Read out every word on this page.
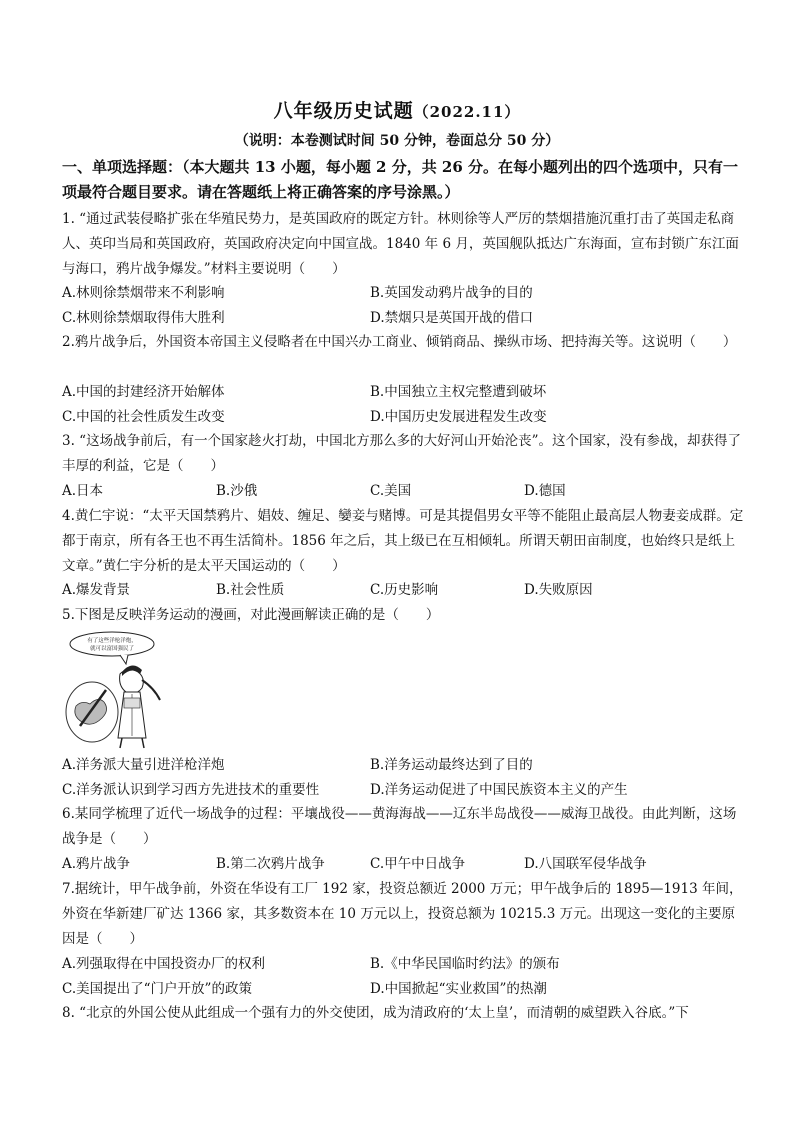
八年级历史试题（2022.11）
（说明：本卷测试时间 50 分钟，卷面总分 50 分）
一、单项选择题：（本大题共 13 小题，每小题 2 分，共 26 分。在每小题列出的四个选项中，只有一项最符合题目要求。请在答题纸上将正确答案的序号涂黑。）
1. “通过武装侵略扩张在华殖民势力，是英国政府的既定方针。林则徐等人严厉的禁烟措施沉重打击了英国走私商人、英印当局和英国政府，英国政府决定向中国宣战。1840 年 6 月，英国舰队抵达广东海面，宣布封锁广东江面与海口，鸦片战争爆发。”材料主要说明（　　）
A.林则徐禁烟带来不利影响	B.英国发动鸦片战争的目的
C.林则徐禁烟取得伟大胜利	D.禁烟只是英国开战的借口
2.鸦片战争后，外国资本帝国主义侵略者在中国兴办工商业、倾销商品、操纵市场、把持海关等。这说明（　　）
A.中国的封建经济开始解体	B.中国独立主权完整遭到破坏
C.中国的社会性质发生改变	D.中国历史发展进程发生改变
3. “这场战争前后，有一个国家趁火打劫，中国北方那么多的大好河山开始沦丧”。这个国家，没有参战，却获得了丰厚的利益，它是（　　）
A.日本	B.沙俄	C.美国	D.德国
4.黄仁宇说：“太平天国禁鸦片、娼妓、缠足、孌妾与赌博。可是其提倡男女平等不能阻止最高层人物妻妾成群。定都于南京，所有各王也不再生活简朴。1856 年之后，其上级已在互相倾轧。所谓天朝田亩制度，也始终只是纸上文章。”黄仁宇分析的是太平天国运动的（　　）
A.爆发背景	B.社会性质	C.历史影响	D.失败原因
5.下图是反映洋务运动的漫画，对此漫画解读正确的是（　　）
有了这些洋枪洋炮，
就可以富国强民了
A.洋务派大量引进洋枪洋炮	B.洋务运动最终达到了目的
C.洋务派认识到学习西方先进技术的重要性	D.洋务运动促进了中国民族资本主义的产生
6.某同学梳理了近代一场战争的过程：平壤战役——黄海海战——辽东半岛战役——威海卫战役。由此判断，这场战争是（　　）
A.鸦片战争	B.第二次鸦片战争	C.甲午中日战争	D.八国联军侵华战争
7.据统计，甲午战争前，外资在华设有工厂 192 家，投资总额近 2000 万元；甲午战争后的 1895—1913 年间，外资在华新建厂矿达 1366 家，其多数资本在 10 万元以上，投资总额为 10215.3 万元。出现这一变化的主要原因是（　　）
A.列强取得在中国投资办厂的权利	B.《中华民国临时约法》的颁布
C.美国提出了“门户开放”的政策	D.中国掀起“实业救国”的热潮
8. “北京的外国公使从此组成一个强有力的外交使团，成为清政府的‘太上皇’，而清朝的威望跌入谷底。”下
